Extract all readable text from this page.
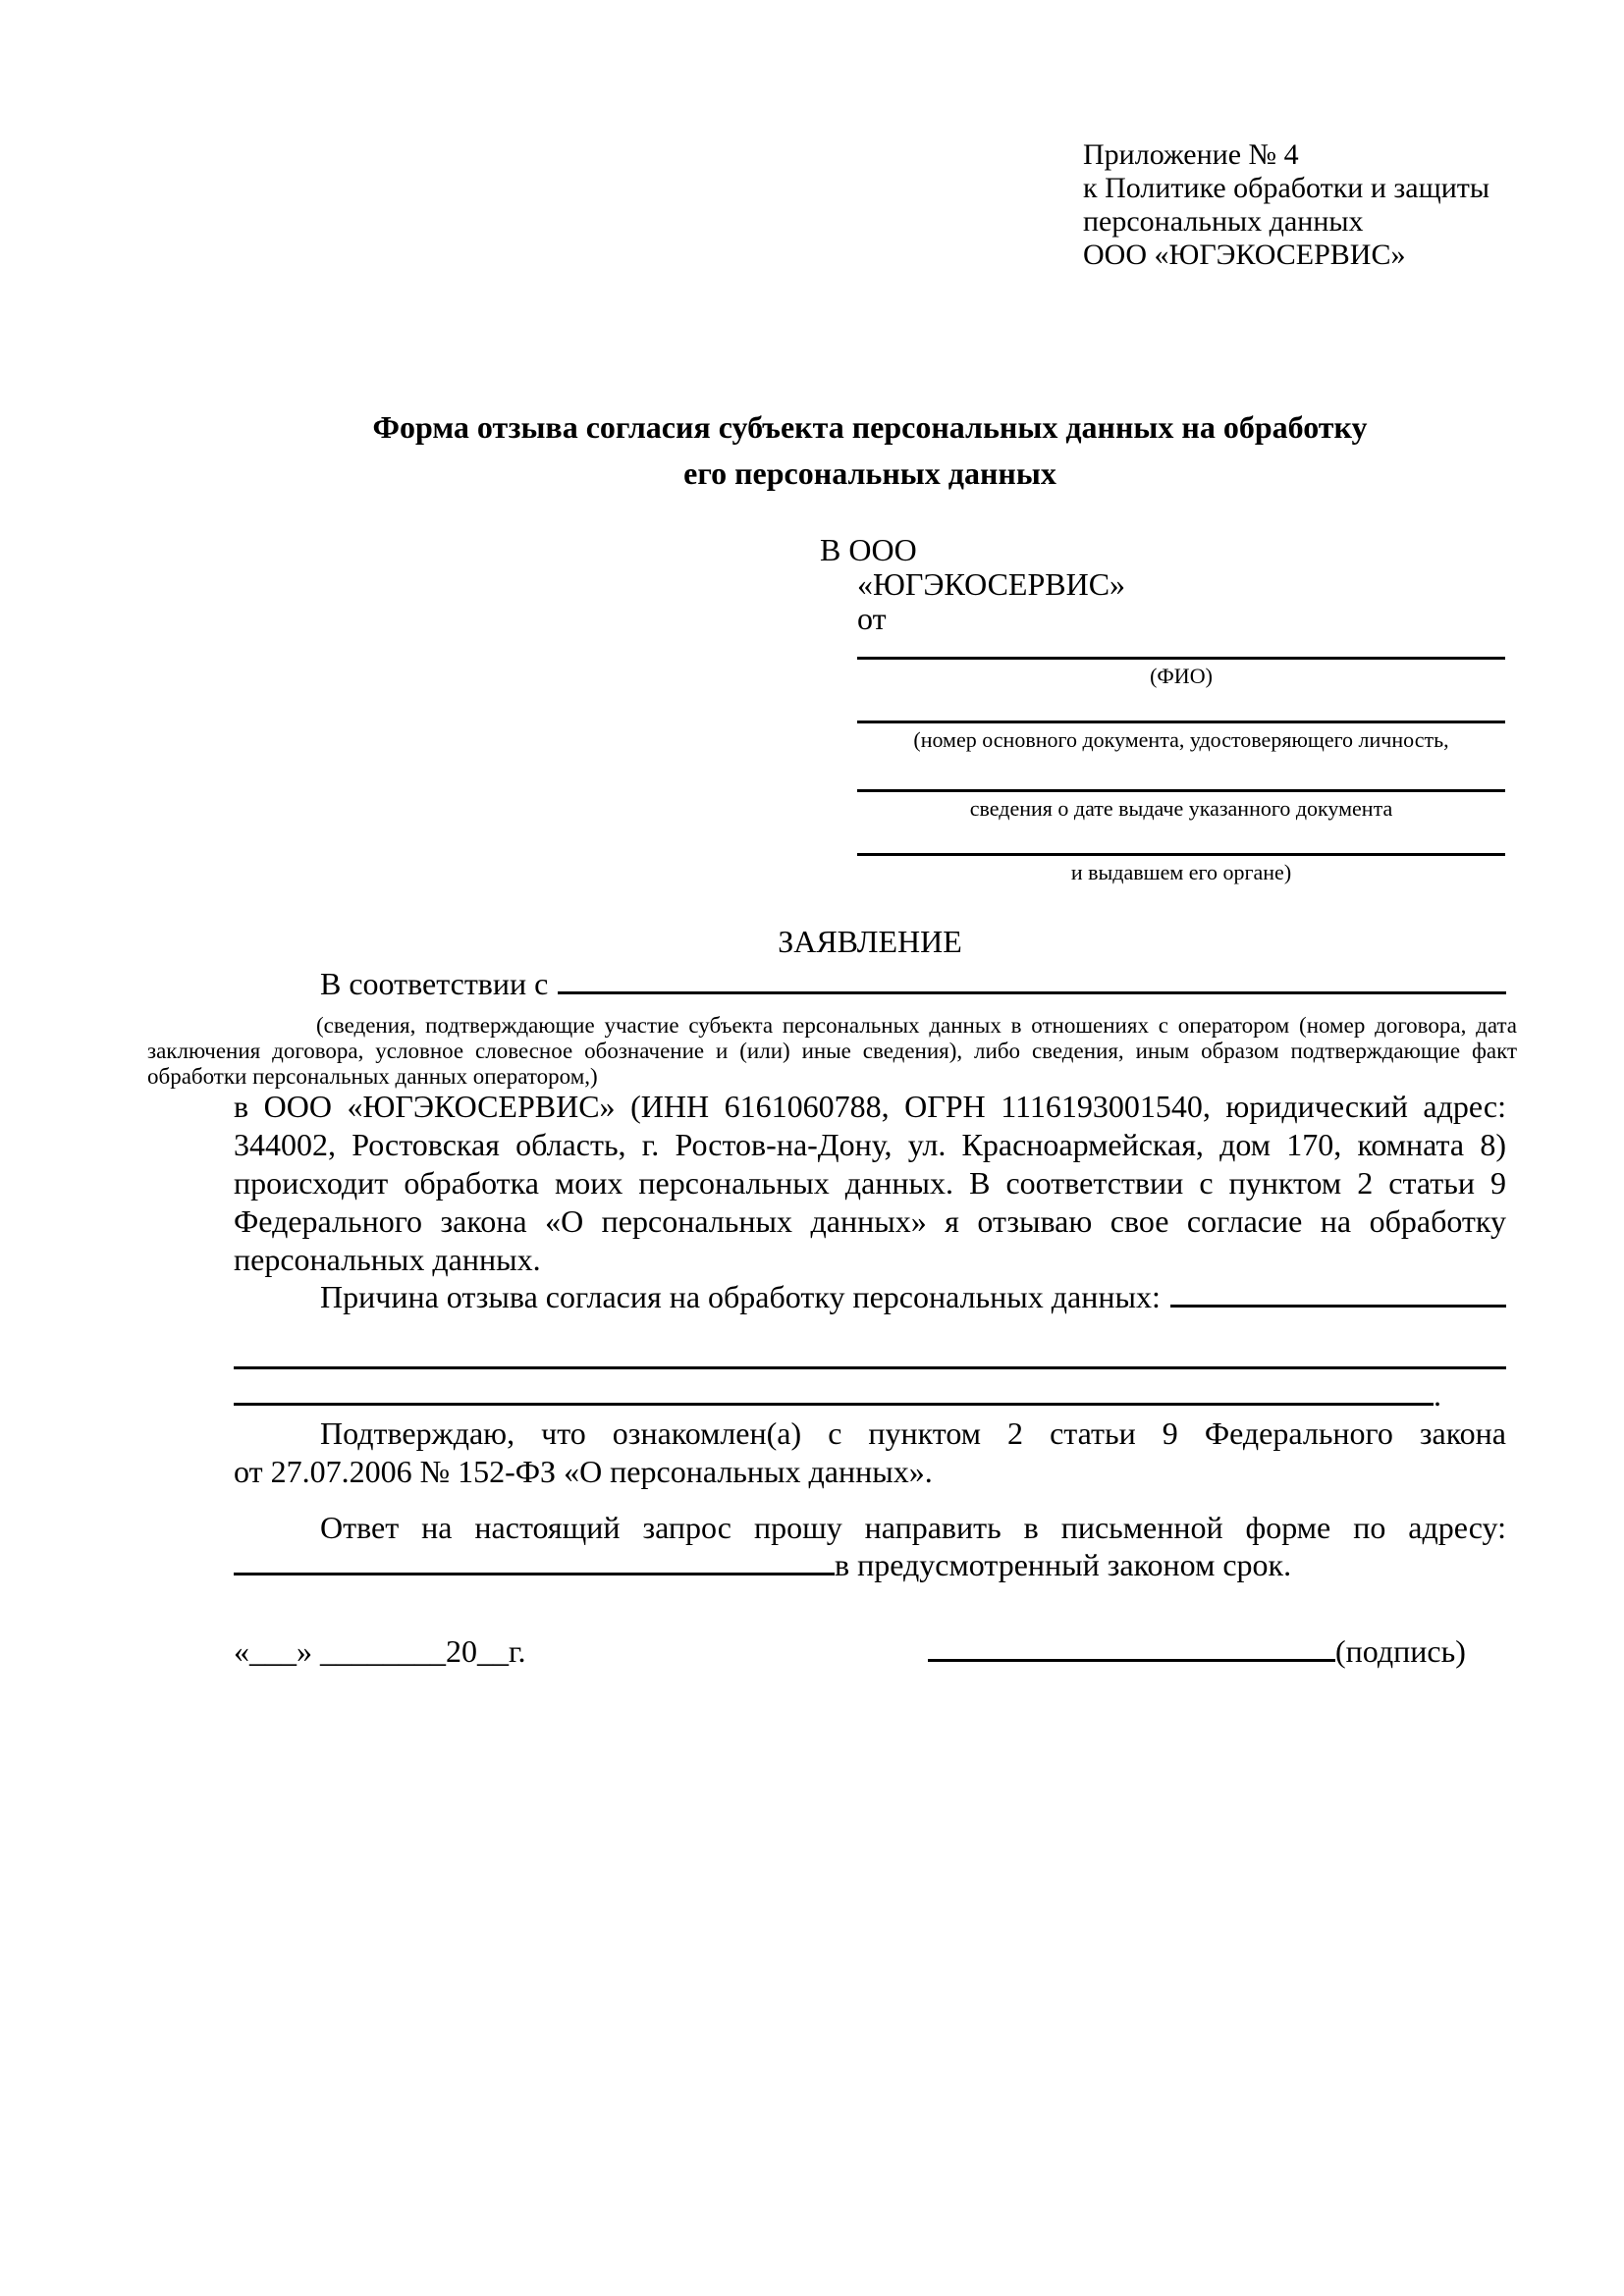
Приложение № 4
к Политике обработки и защиты
персональных данных
ООО «ЮГЭКОСЕРВИС»
Форма отзыва согласия субъекта персональных данных на обработку
его персональных данных
В ООО
«ЮГЭКОСЕРВИС»
от
(ФИО)
(номер основного документа, удостоверяющего личность,
сведения о дате выдаче указанного документа
и выдавшем его органе)
ЗАЯВЛЕНИЕ
В соответствии с
(сведения, подтверждающие участие субъекта персональных данных в отношениях с оператором (номер договора, дата
заключения договора, условное словесное обозначение и (или) иные сведения), либо сведения, иным образом подтверждающие факт
обработки персональных данных оператором,)
в ООО «ЮГЭКОСЕРВИС» (ИНН 6161060788, ОГРН 1116193001540, юридический адрес:
344002, Ростовская область, г. Ростов-на-Дону, ул. Красноармейская, дом 170, комната 8)
происходит обработка моих персональных данных. В соответствии с пунктом 2 статьи 9
Федерального закона «О персональных данных» я отзываю свое согласие на обработку
персональных данных.
Причина отзыва согласия на обработку персональных данных:
.
Подтверждаю, что ознакомлен(а) с пунктом 2 статьи 9 Федерального закона
от 27.07.2006 № 152-ФЗ «О персональных данных».
Ответ на настоящий запрос прошу направить в письменной форме по адресу:
в предусмотренный законом срок.
«___» ________20__г.	(подпись)
